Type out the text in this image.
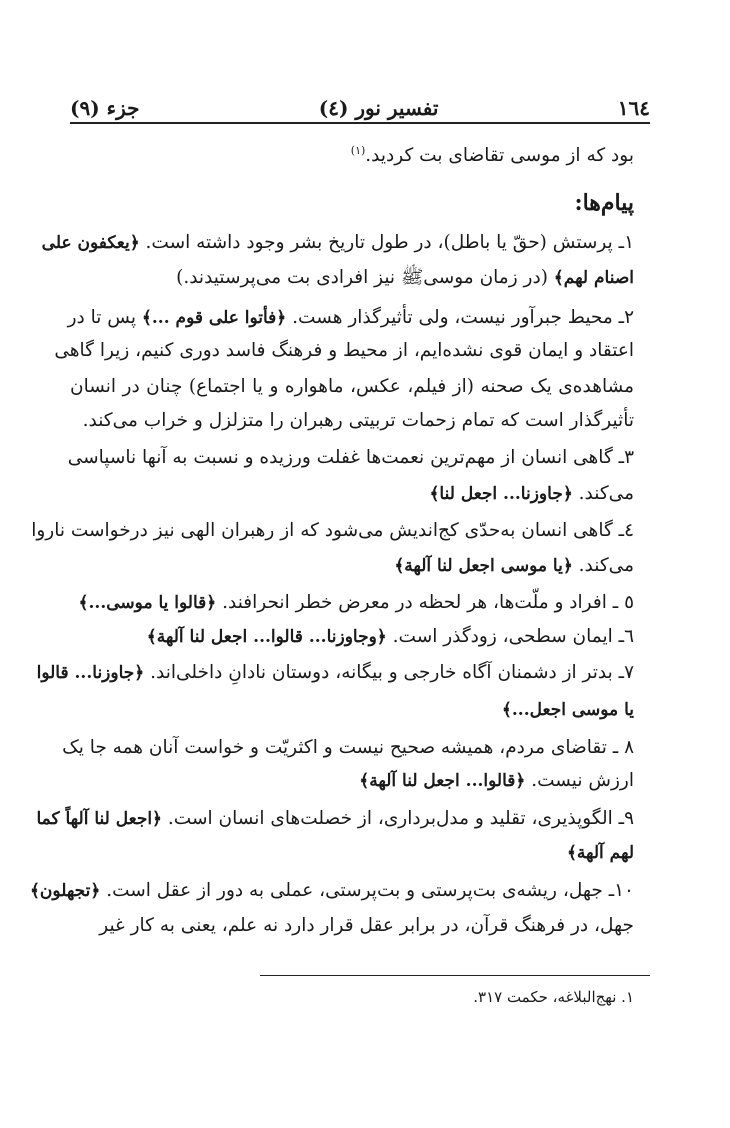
١٦٤
تفسیر نور (٤)
جزء (٩)
بود که از موسی تقاضای بت کردید.$^{(١)}$
پیام‌ها:
١ـ پرستش (حقّ یا باطل)، در طول تاریخ بشر وجود داشته است. ﴿یعکفون علی
اصنام لهم﴾ (در زمان موسی‌ﷺ نیز افرادی بت می‌پرستیدند.)
٢ـ محیط جبرآور نیست، ولی تأثیرگذار هست. ﴿فأتوا علی قوم ...﴾ پس تا در
اعتقاد و ایمان قوی نشده‌ایم، از محیط و فرهنگ فاسد دوری کنیم، زیرا گاهی
مشاهده‌ی یک صحنه (از فیلم، عکس، ماهواره و یا اجتماع) چنان در انسان
تأثیرگذار است که تمام زحمات تربیتی رهبران را متزلزل و خراب می‌کند.
٣ـ گاهی انسان از مهم‌ترین نعمت‌ها غفلت ورزیده و نسبت به آنها ناسپاسی
می‌کند. ﴿جاوزنا... اجعل لنا﴾
٤ـ گاهی انسان به‌حدّی کج‌اندیش می‌شود که از رهبران الهی نیز درخواست ناروا
می‌کند. ﴿یا موسی اجعل لنا آلهة﴾
٥ ـ افراد و ملّت‌ها، هر لحظه در معرض خطر انحرافند. ﴿قالوا یا موسی...﴾
٦ـ ایمان سطحی، زودگذر است. ﴿وجاوزنا... قالوا... اجعل لنا آلهة﴾
٧ـ بدتر از دشمنان آگاه خارجی و بیگانه، دوستان نادانِ داخلی‌اند. ﴿جاوزنا... قالوا
یا موسی اجعل...﴾
٨ ـ تقاضای مردم، همیشه صحیح نیست و اکثریّت و خواست آنان همه جا یک
ارزش نیست. ﴿قالوا... اجعل لنا آلهة﴾
٩ـ الگوپذیری، تقلید و مدل‌برداری، از خصلت‌های انسان است. ﴿اجعل لنا آلهاً کما
لهم آلهة﴾
١٠ـ جهل، ریشه‌ی بت‌پرستی و بت‌پرستی، عملی به دور از عقل است. ﴿تجهلون﴾
جهل، در فرهنگ قرآن، در برابر عقل قرار دارد نه علم، یعنی به کار غیر
١. نهج‌البلاغه، حکمت ٣١٧.
